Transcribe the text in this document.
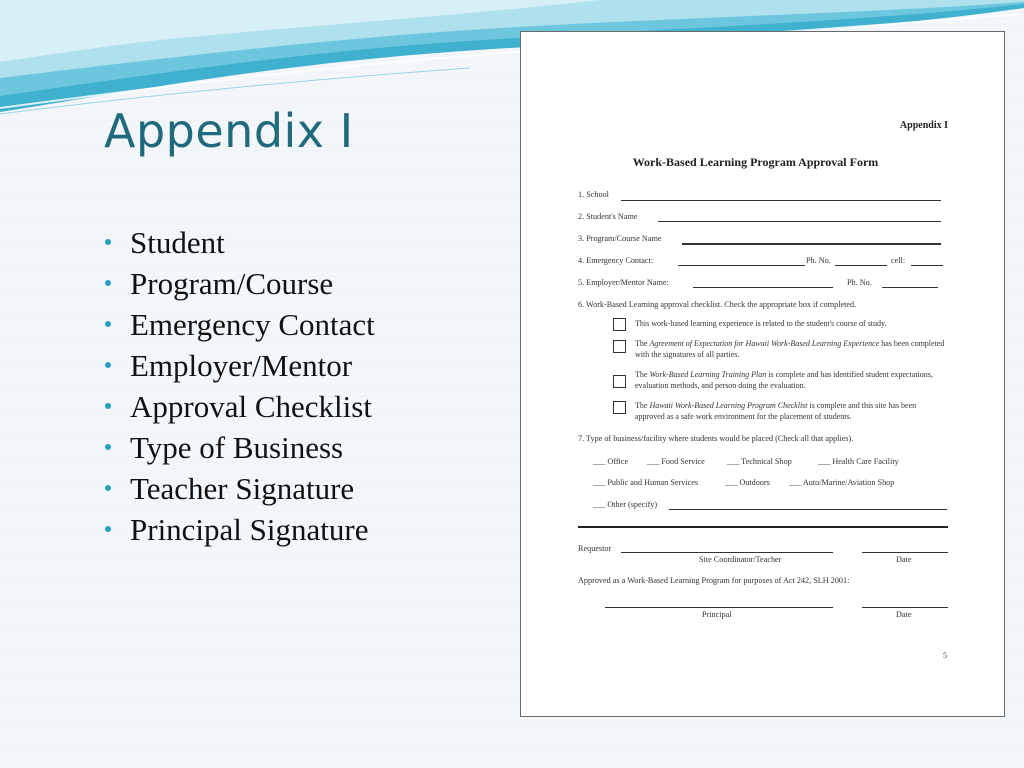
Appendix I
Student
Program/Course
Emergency Contact
Employer/Mentor
Approval Checklist
Type of Business
Teacher Signature
Principal Signature
Appendix I
Work-Based Learning Program Approval Form
1. School
2. Student's Name
3. Program/Course Name
4. Emergency Contact:	Ph. No.	cell:
5. Employer/Mentor Name:	Ph. No.
6. Work-Based Learning approval checklist. Check the appropriate box if completed.
This work-based learning experience is related to the student's course of study.
The Agreement of Expectation for Hawaii Work-Based Learning Experience has been completed with the signatures of all parties.
The Work-Based Learning Training Plan is complete and has identified student expectations, evaluation methods, and person doing the evaluation.
The Hawaii Work-Based Learning Program Checklist is complete and this site has been approved as a safe work environment for the placement of students.
7. Type of business/facility where students would be placed (Check all that applies).
___ Office ___ Food Service	___ Technical Shop	___ Health Care Facility
___ Public and Human Services	___ Outdoors ___ Auto/Marine/Aviation Shop
___ Other (specify)
Requestor
Site Coordinator/Teacher	Date
Approved as a Work-Based Learning Program for purposes of Act 242, SLH 2001:
Principal	Date
5
